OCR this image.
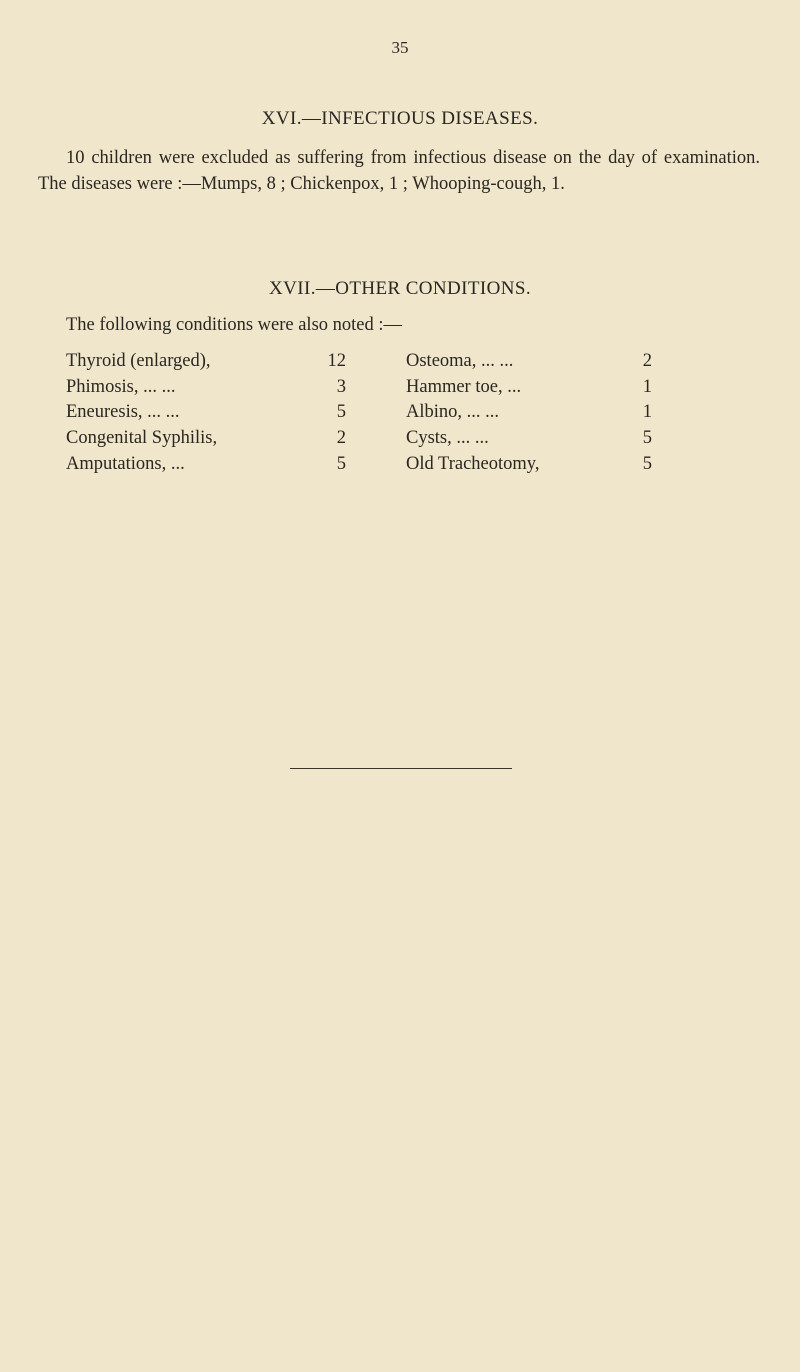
35
XVI.—INFECTIOUS DISEASES.
10 children were excluded as suffering from infectious disease on the day of examination. The diseases were :—Mumps, 8 ; Chickenpox, 1 ; Whooping-cough, 1.
XVII.—OTHER CONDITIONS.
The following conditions were also noted :—
Thyroid (enlarged),	12		Osteoma, ... ...	2
Phimosis, ... ...	3		Hammer toe, ...	1
Eneuresis, ... ...	5		Albino, ... ...	1
Congenital Syphilis,	2		Cysts, ... ...	5
Amputations, ...	5		Old Tracheotomy,	5
